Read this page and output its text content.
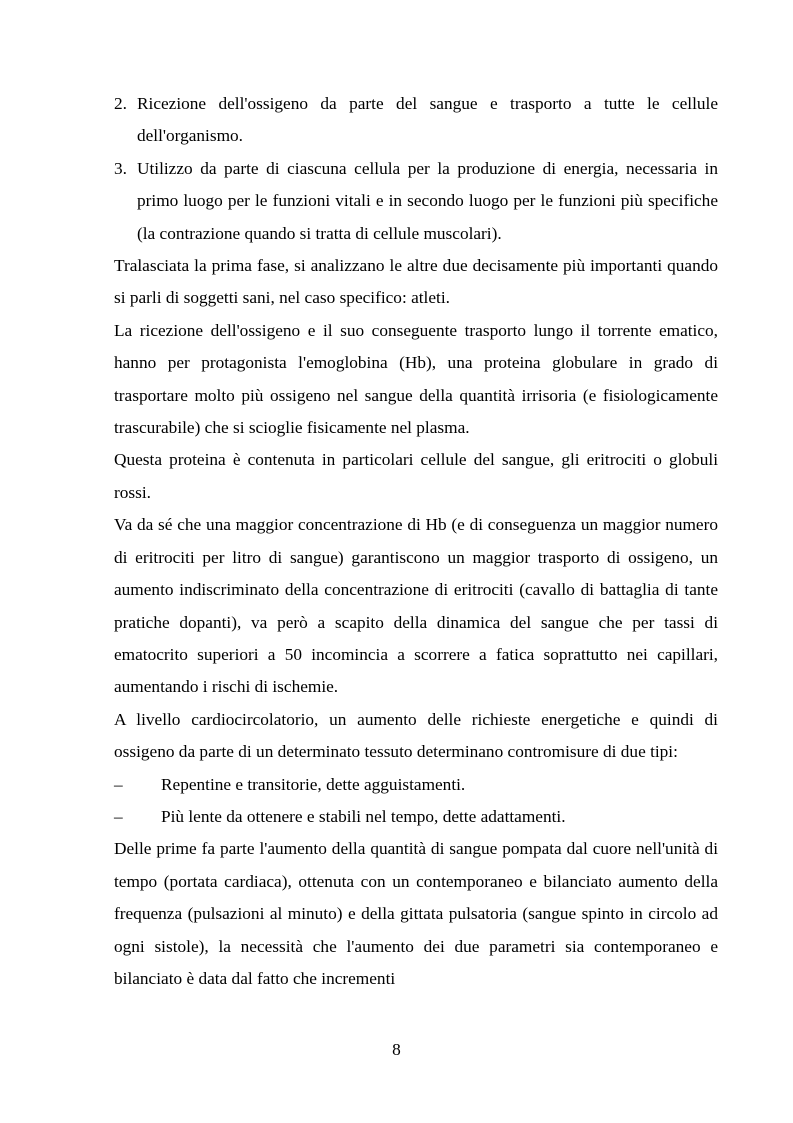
2. Ricezione dell'ossigeno da parte del sangue e trasporto a tutte le cellule dell'organismo.
3. Utilizzo da parte di ciascuna cellula per la produzione di energia, necessaria in primo luogo per le funzioni vitali e in secondo luogo per le funzioni più specifiche (la contrazione quando si tratta di cellule muscolari).

Tralasciata la prima fase, si analizzano le altre due decisamente più importanti quando si parli di soggetti sani, nel caso specifico: atleti.

La ricezione dell'ossigeno e il suo conseguente trasporto lungo il torrente ematico, hanno per protagonista l'emoglobina (Hb), una proteina globulare in grado di trasportare molto più ossigeno nel sangue della quantità irrisoria (e fisiologicamente trascurabile) che si scioglie fisicamente nel plasma.

Questa proteina è contenuta in particolari cellule del sangue, gli eritrociti o globuli rossi.

Va da sé che una maggior concentrazione di Hb (e di conseguenza un maggior numero di eritrociti per litro di sangue) garantiscono un maggior trasporto di ossigeno, un aumento indiscriminato della concentrazione di eritrociti (cavallo di battaglia di tante pratiche dopanti), va però a scapito della dinamica del sangue che per tassi di ematocrito superiori a 50 incomincia a scorrere a fatica soprattutto nei capillari, aumentando i rischi di ischemie.

A livello cardiocircolatorio, un aumento delle richieste energetiche e quindi di ossigeno da parte di un determinato tessuto determinano contromisure di due tipi:

– Repentine e transitorie, dette agguistamenti.
– Più lente da ottenere e stabili nel tempo, dette adattamenti.

Delle prime fa parte l'aumento della quantità di sangue pompata dal cuore nell'unità di tempo (portata cardiaca), ottenuta con un contemporaneo e bilanciato aumento della frequenza (pulsazioni al minuto) e della gittata pulsatoria (sangue spinto in circolo ad ogni sistole), la necessità che l'aumento dei due parametri sia contemporaneo e bilanciato è data dal fatto che incrementi

8
